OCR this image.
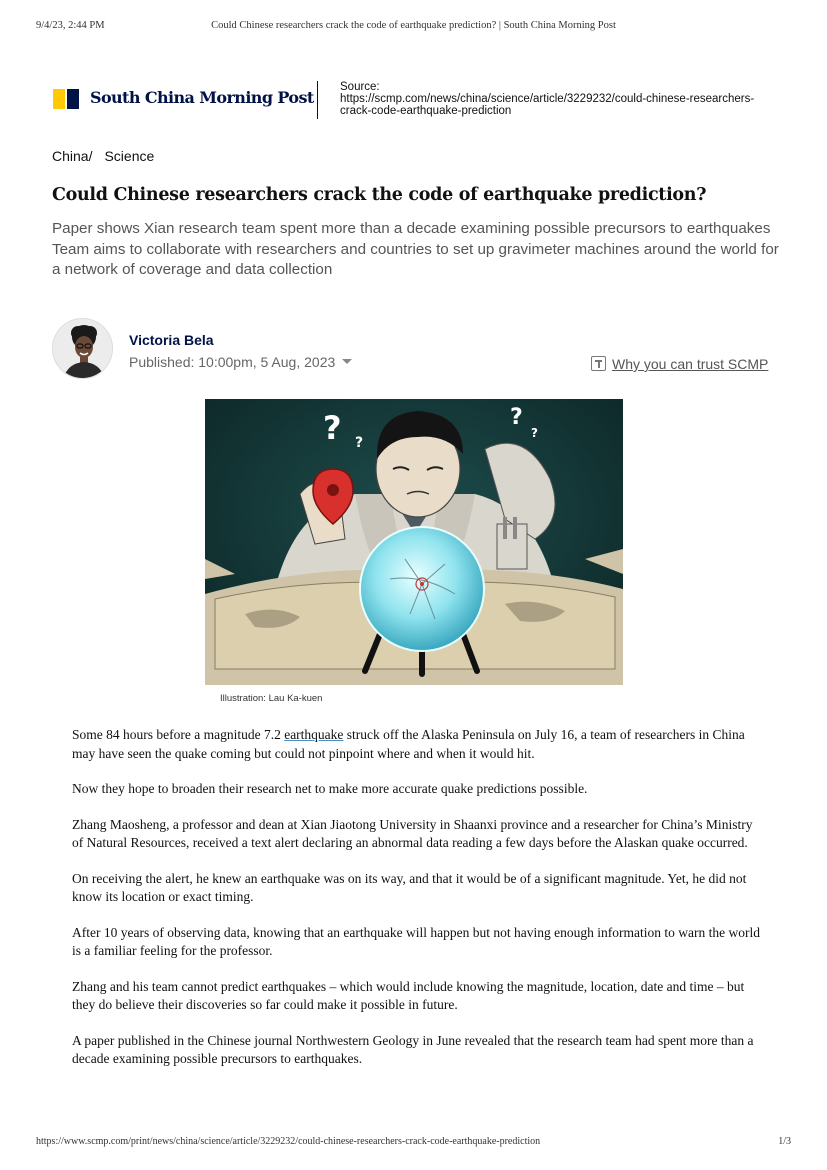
9/4/23, 2:44 PM	Could Chinese researchers crack the code of earthquake prediction? | South China Morning Post
South China Morning Post
Source:
https://scmp.com/news/china/science/article/3229232/could-chinese-researchers-crack-code-earthquake-prediction
China/ Science
Could Chinese researchers crack the code of earthquake prediction?
Paper shows Xian research team spent more than a decade examining possible precursors to earthquakes
Team aims to collaborate with researchers and countries to set up gravimeter machines around the world for a network of coverage and data collection
Victoria Bela
Published: 10:00pm, 5 Aug, 2023	Why you can trust SCMP
? ?
?
?
Illustration: Lau Ka-kuen

Some 84 hours before a magnitude 7.2 earthquake struck off the Alaska Peninsula on July 16, a team of researchers in China may have seen the quake coming but could not pinpoint where and when it would hit.

Now they hope to broaden their research net to make more accurate quake predictions possible.

Zhang Maosheng, a professor and dean at Xian Jiaotong University in Shaanxi province and a researcher for China’s Ministry of Natural Resources, received a text alert declaring an abnormal data reading a few days before the Alaskan quake occurred.

On receiving the alert, he knew an earthquake was on its way, and that it would be of a significant magnitude. Yet, he did not know its location or exact timing.

After 10 years of observing data, knowing that an earthquake will happen but not having enough information to warn the world is a familiar feeling for the professor.

Zhang and his team cannot predict earthquakes – which would include knowing the magnitude, location, date and time – but they do believe their discoveries so far could make it possible in future.

A paper published in the Chinese journal Northwestern Geology in June revealed that the research team had spent more than a decade examining possible precursors to earthquakes.

https://www.scmp.com/print/news/china/science/article/3229232/could-chinese-researchers-crack-code-earthquake-prediction	1/3
